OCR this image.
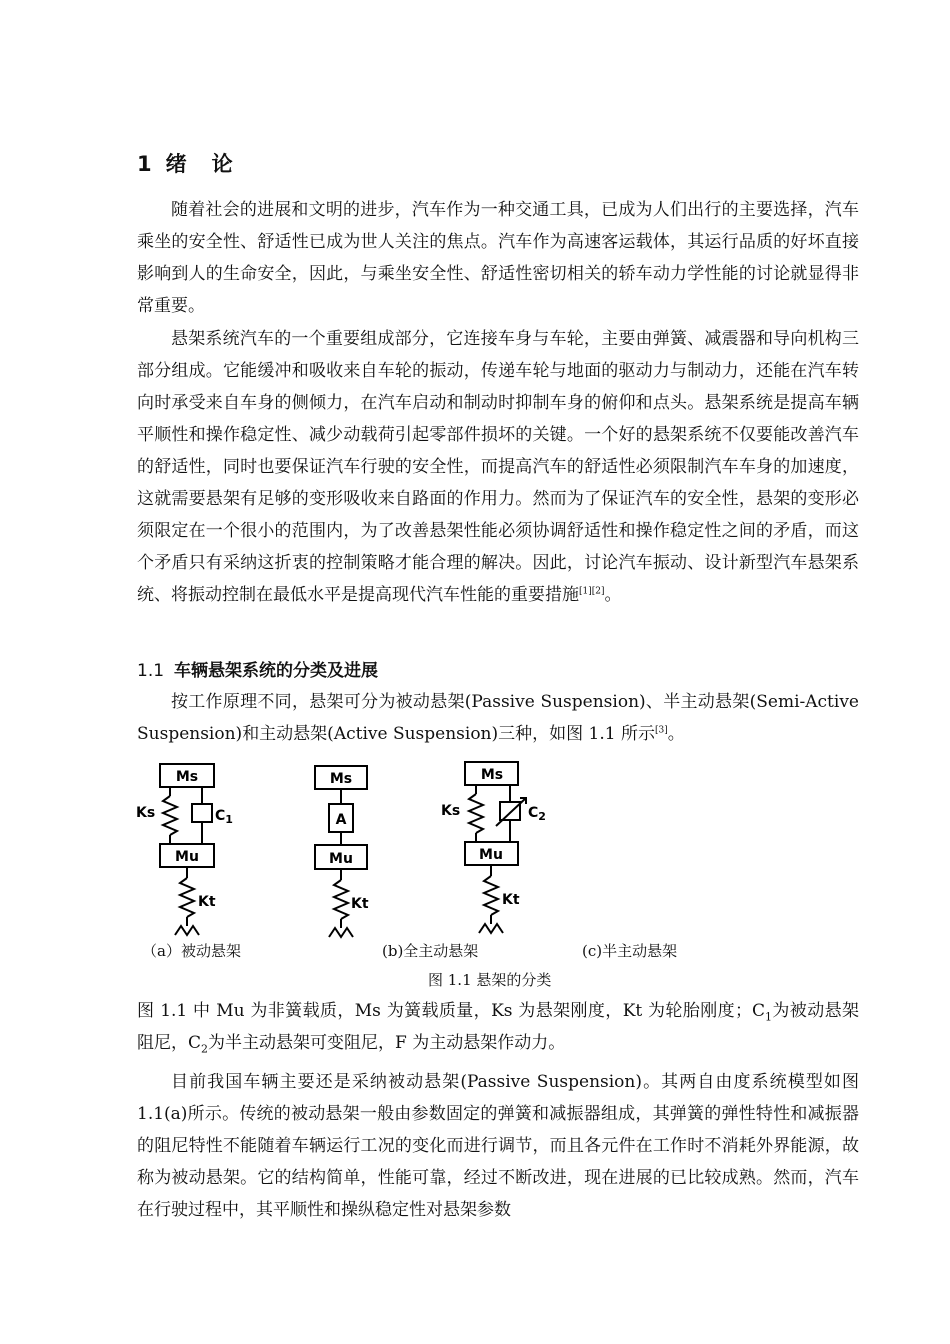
1 绪　论

随着社会的进展和文明的进步，汽车作为一种交通工具，已成为人们出行的主要选择，汽车乘坐的安全性、舒适性已成为世人关注的焦点。汽车作为高速客运载体，其运行品质的好坏直接影响到人的生命安全，因此，与乘坐安全性、舒适性密切相关的轿车动力学性能的讨论就显得非常重要。

悬架系统汽车的一个重要组成部分，它连接车身与车轮，主要由弹簧、减震器和导向机构三部分组成。它能缓冲和吸收来自车轮的振动，传递车轮与地面的驱动力与制动力，还能在汽车转向时承受来自车身的侧倾力，在汽车启动和制动时抑制车身的俯仰和点头。悬架系统是提高车辆平顺性和操作稳定性、减少动载荷引起零部件损坏的关键。一个好的悬架系统不仅要能改善汽车的舒适性，同时也要保证汽车行驶的安全性，而提高汽车的舒适性必须限制汽车车身的加速度，这就需要悬架有足够的变形吸收来自路面的作用力。然而为了保证汽车的安全性，悬架的变形必须限定在一个很小的范围内，为了改善悬架性能必须协调舒适性和操作稳定性之间的矛盾，而这个矛盾只有采纳这折衷的控制策略才能合理的解决。因此，讨论汽车振动、设计新型汽车悬架系统、将振动控制在最低水平是提高现代汽车性能的重要措施[1][2]。

1.1 车辆悬架系统的分类及进展

按工作原理不同，悬架可分为被动悬架(Passive Suspension)、半主动悬架(Semi-Active Suspension)和主动悬架(Active Suspension)三种，如图 1.1 所示[3]。

Ms
Ks	$C_1$
Mu
Kt
Ms
A
Mu
Kt
Ms
Ks	$C_2$
Mu
Kt

（a）被动悬架	(b)全主动悬架	(c)半主动悬架

图 1.1 悬架的分类

图 1.1 中 Mu 为非簧载质，Ms 为簧载质量，Ks 为悬架刚度，Kt 为轮胎刚度；$C_1$为被动悬架阻尼，$C_2$为半主动悬架可变阻尼，F 为主动悬架作动力。

目前我国车辆主要还是采纳被动悬架(Passive Suspension)。其两自由度系统模型如图 1.1(a)所示。传统的被动悬架一般由参数固定的弹簧和减振器组成，其弹簧的弹性特性和减振器的阻尼特性不能随着车辆运行工况的变化而进行调节，而且各元件在工作时不消耗外界能源，故称为被动悬架。它的结构简单，性能可靠，经过不断改进，现在进展的已比较成熟。然而，汽车在行驶过程中，其平顺性和操纵稳定性对悬架参数
